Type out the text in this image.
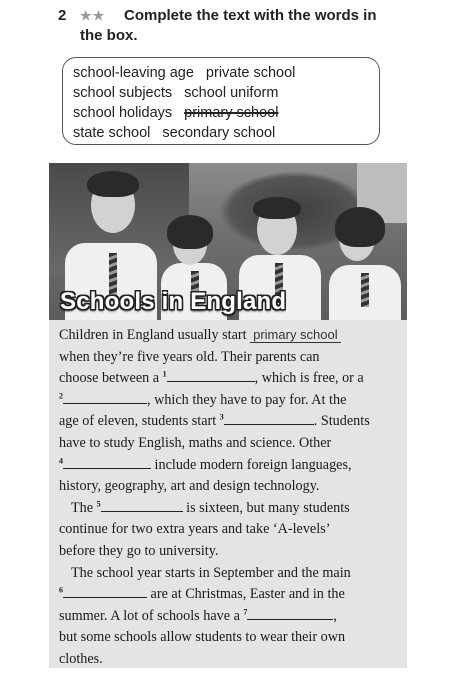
2 ★★ Complete the text with the words in
the box.
school-leaving age private school
school subjects school uniform
school holidays primary school
state school secondary school
Schools in England
Children in England usually start primary school
when they’re five years old. Their parents can
choose between a $^1$	, which is free, or a
$^2$	, which they have to pay for. At the
age of eleven, students start $^3$	. Students
have to study English, maths and science. Other
$^4$	include modern foreign languages,
history, geography, art and design technology.
The $^5$	is sixteen, but many students
continue for two extra years and take ‘A-levels’
before they go to university.
The school year starts in September and the main
$^6$	are at Christmas, Easter and in the
summer. A lot of schools have a $^7$	,
but some schools allow students to wear their own
clothes.
